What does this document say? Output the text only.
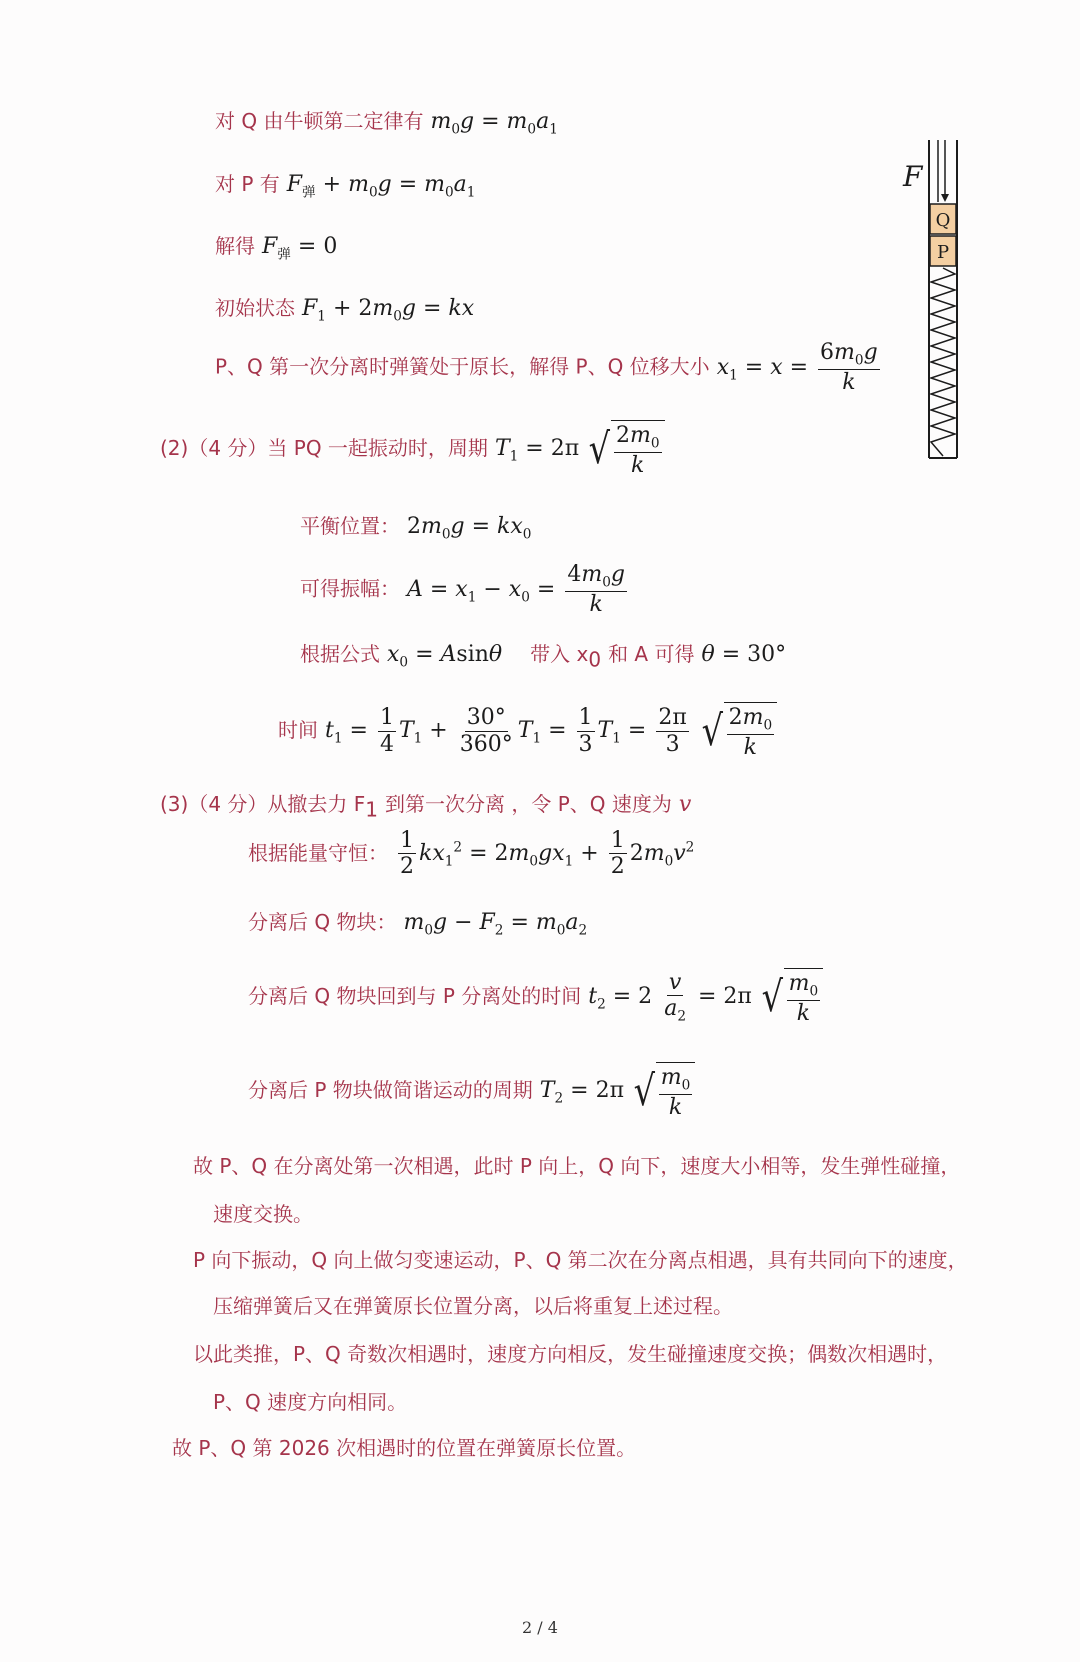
对 Q 由牛顿第二定律有 $m_0g = m_0a_1$
对 P 有 $F_弹 + m_0g = m_0a_1$
解得 $F_弹 = 0$
初始状态 $F_1 + 2m_0g$ = kx
P、Q 第一次分离时弹簧处于原长，解得 P、Q 位移大小 $x_1 = x = \frac{6m_0g}{k}$
(2)（4 分）当 PQ 一起振动时，周期 $T_1 = 2\pi$ √ $\frac{2m_0}{k}$
平衡位置： $2m_0g = kx_0$
可得振幅： $A = x_1 - x_0 = \frac{4m_0g}{k}$
根据公式 $x_0 = Asin\theta$ 带入 $x_0$ 和 A 可得 θ = 30°
时间 $t_1 = \frac{1}{4} T_1 + \frac{30^\circ}{360^\circ} T_1 = \frac{1}{3} T_1 = \frac{2\pi}{3}$
√ $\frac{2m_0}{k}$
(3)（4 分）从撤去力 $F_1$ 到第一次分离 ，令 P、Q 速度为 v
根据能量守恒： $\frac{1}{2} kx_1^2 = 2m_0gx_1 + \frac{1}{2} 2m_0v^2$
分离后 Q 物块： $m_0g - F_2 = m_0a_2$
分离后 Q 物块回到与 P 分离处的时间 $t_2 = 2 \frac{v}{a_2} = 2\pi$ √ $\frac{m_0}{k}$
分离后 P 物块做简谐运动的周期 $T_2 = 2\pi$ √ $\frac{m_0}{k}$
故 P、Q 在分离处第一次相遇，此时 P 向上，Q 向下，速度大小相等，发生弹性碰撞，
速度交换。
P 向下振动，Q 向上做匀变速运动，P、Q 第二次在分离点相遇，具有共同向下的速度，
压缩弹簧后又在弹簧原长位置分离，以后将重复上述过程。
以此类推，P、Q 奇数次相遇时，速度方向相反，发生碰撞速度交换；偶数次相遇时，
P、Q 速度方向相同。
故 P、Q 第 2026 次相遇时的位置在弹簧原长位置。
F
Q
P
2 / 4
